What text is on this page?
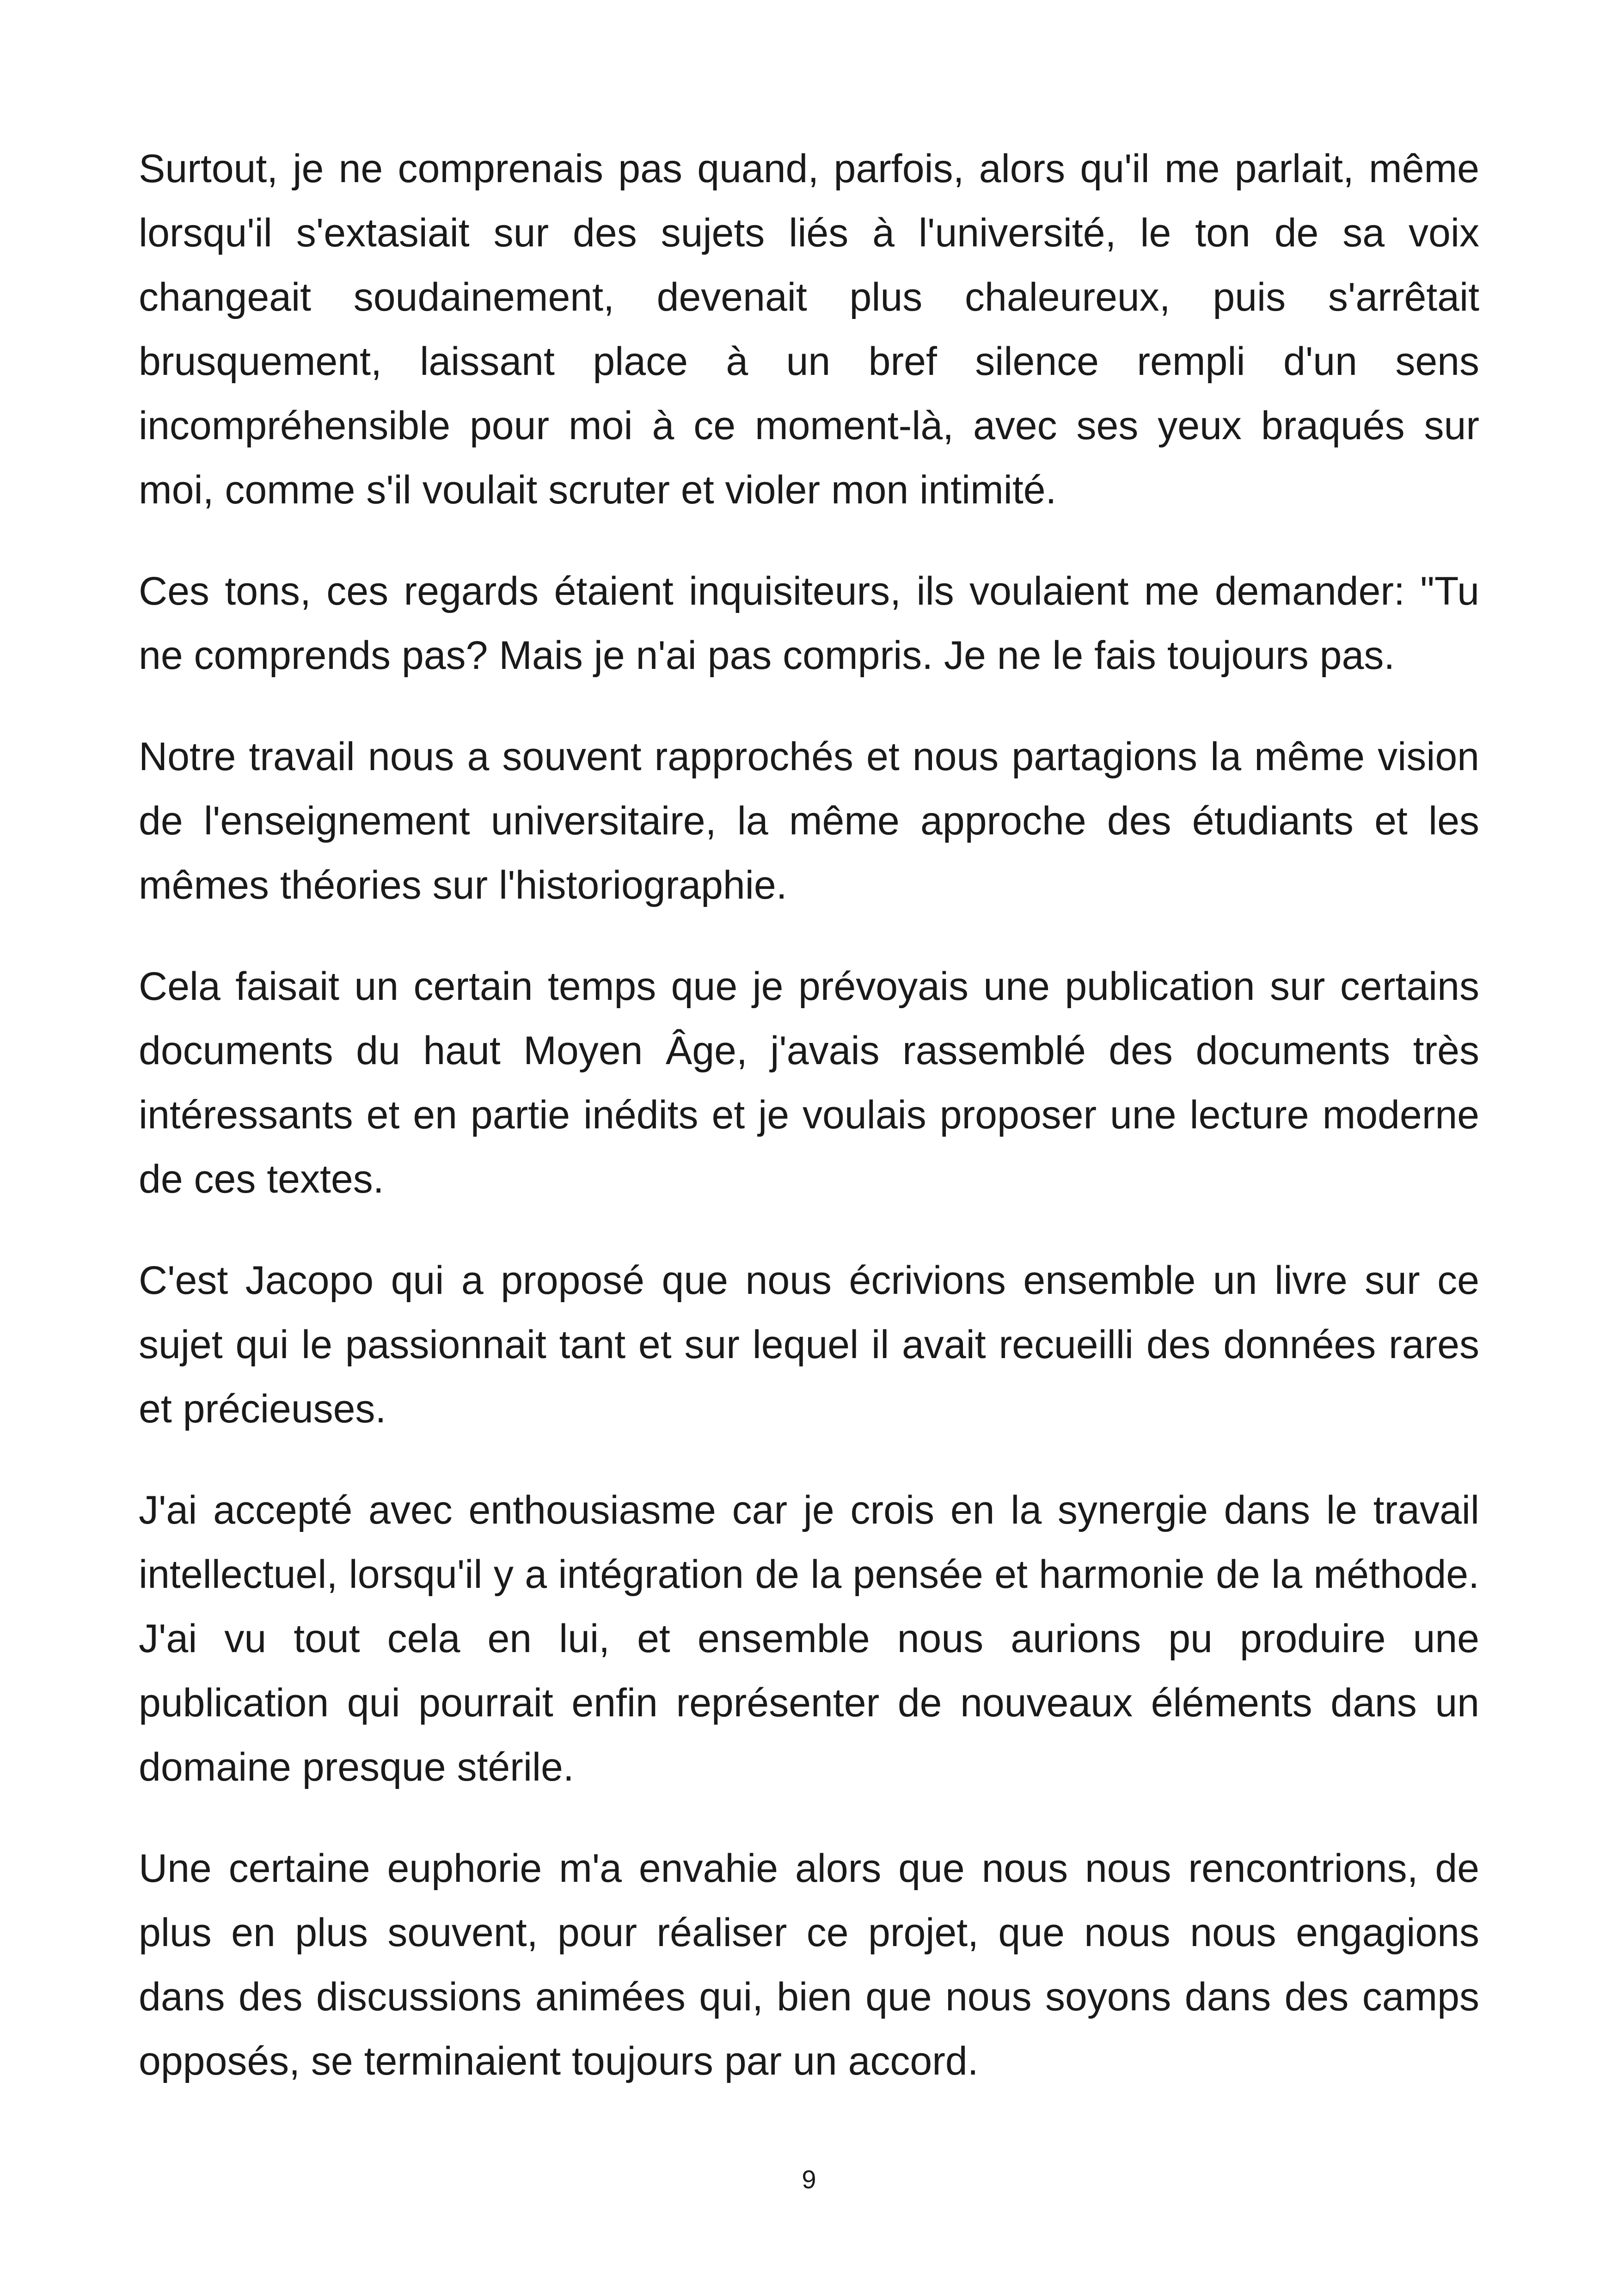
Surtout, je ne comprenais pas quand, parfois, alors qu'il me parlait, même lorsqu'il s'extasiait sur des sujets liés à l'université, le ton de sa voix changeait soudainement, devenait plus chaleureux, puis s'arrêtait brusquement, laissant place à un bref silence rempli d'un sens incompréhensible pour moi à ce moment-là, avec ses yeux braqués sur moi, comme s'il voulait scruter et violer mon intimité.

Ces tons, ces regards étaient inquisiteurs, ils voulaient me demander: "Tu ne comprends pas? Mais je n'ai pas compris. Je ne le fais toujours pas.

Notre travail nous a souvent rapprochés et nous partagions la même vision de l'enseignement universitaire, la même approche des étudiants et les mêmes théories sur l'historiographie.

Cela faisait un certain temps que je prévoyais une publication sur certains documents du haut Moyen Âge, j'avais rassemblé des documents très intéressants et en partie inédits et je voulais proposer une lecture moderne de ces textes.

C'est Jacopo qui a proposé que nous écrivions ensemble un livre sur ce sujet qui le passionnait tant et sur lequel il avait recueilli des données rares et précieuses.

J'ai accepté avec enthousiasme car je crois en la synergie dans le travail intellectuel, lorsqu'il y a intégration de la pensée et harmonie de la méthode. J'ai vu tout cela en lui, et ensemble nous aurions pu produire une publication qui pourrait enfin représenter de nouveaux éléments dans un domaine presque stérile.

Une certaine euphorie m'a envahie alors que nous nous rencontrions, de plus en plus souvent, pour réaliser ce projet, que nous nous engagions dans des discussions animées qui, bien que nous soyons dans des camps opposés, se terminaient toujours par un accord.

9
